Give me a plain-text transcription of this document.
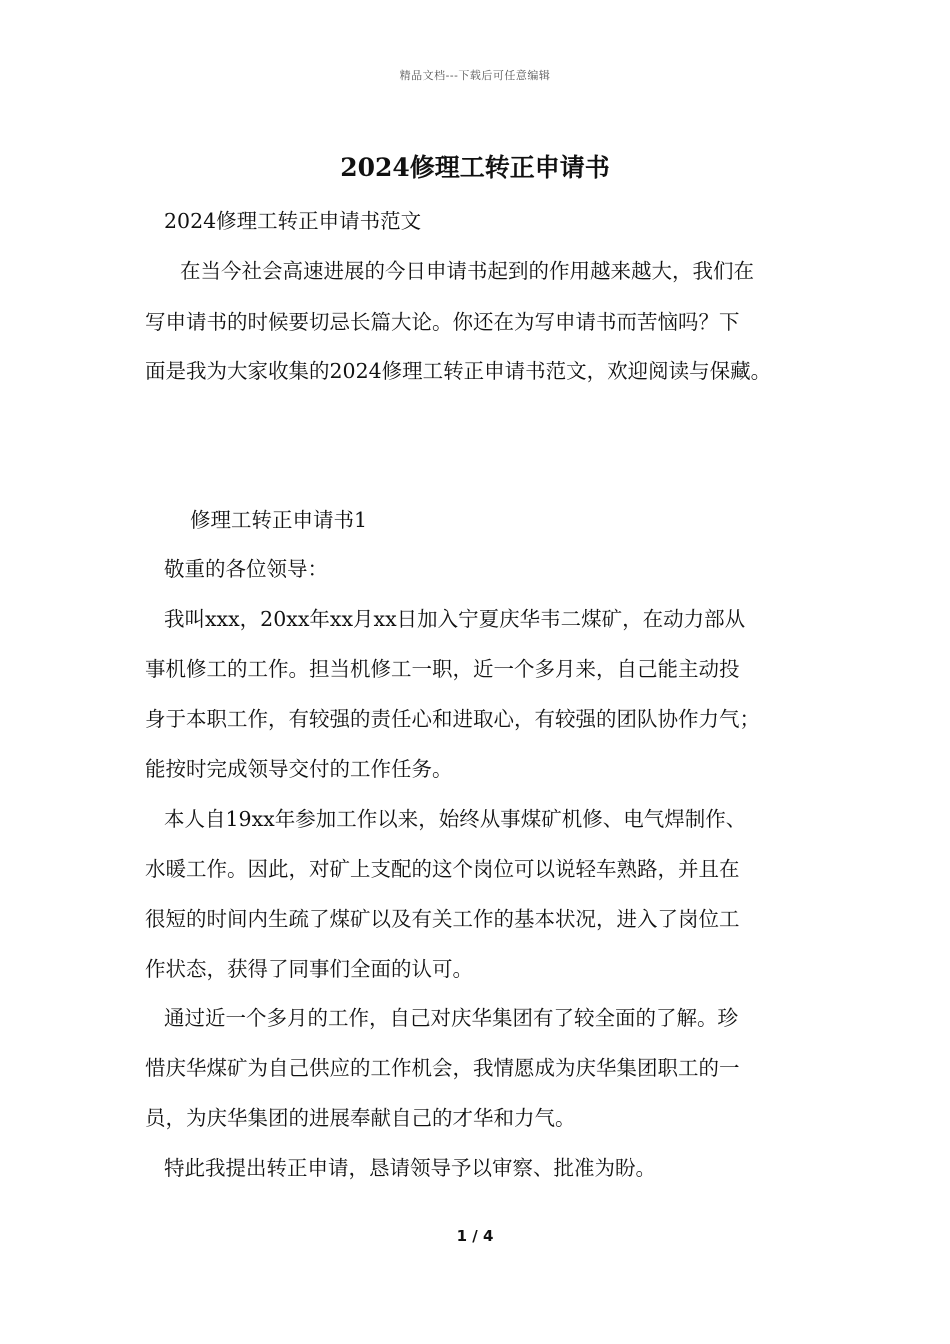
精品文档---下载后可任意编辑
2024修理工转正申请书
2024修理工转正申请书范文
在当今社会高速进展的今日申请书起到的作用越来越大，我们在
写申请书的时候要切忌长篇大论。你还在为写申请书而苦恼吗？下
面是我为大家收集的2024修理工转正申请书范文，欢迎阅读与保藏。
修理工转正申请书1
敬重的各位领导：
我叫xxx，20xx年xx月xx日加入宁夏庆华韦二煤矿，在动力部从
事机修工的工作。担当机修工一职，近一个多月来，自己能主动投
身于本职工作，有较强的责任心和进取心，有较强的团队协作力气；
能按时完成领导交付的工作任务。
本人自19xx年参加工作以来，始终从事煤矿机修、电气焊制作、
水暖工作。因此，对矿上支配的这个岗位可以说轻车熟路，并且在
很短的时间内生疏了煤矿以及有关工作的基本状况，进入了岗位工
作状态，获得了同事们全面的认可。
通过近一个多月的工作，自己对庆华集团有了较全面的了解。珍
惜庆华煤矿为自己供应的工作机会，我情愿成为庆华集团职工的一
员，为庆华集团的进展奉献自己的才华和力气。
特此我提出转正申请，恳请领导予以审察、批准为盼。
1 / 4
